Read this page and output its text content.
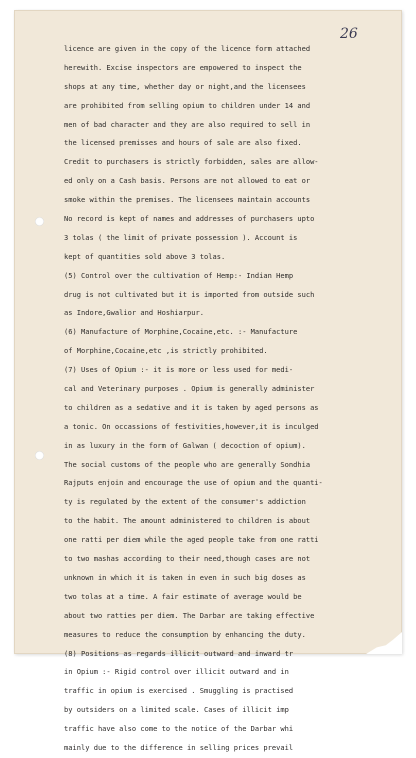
26
licence are given in the copy of the licence form attached
herewith. Excise inspectors are empowered to inspect the
shops at any time, whether day or night,and the licensees
are prohibited from selling opium to children under 14 and
men of bad character and they are also required to sell in
the licensed premisses and hours of sale are also fixed.
Credit to purchasers is strictly forbidden, sales are allow-
ed only on a Cash basis. Persons are not allowed to eat or
smoke within the premises. The licensees maintain accounts
No record is kept of names and addresses of purchasers upto
3 tolas ( the limit of private possession ). Account is
kept of quantities sold above 3 tolas.
(5) Control over the cultivation of Hemp:- Indian Hemp
drug is not cultivated but it is imported from outside such
as Indore,Gwalior and Hoshiarpur.
(6) Manufacture of Morphine,Cocaine,etc. :- Manufacture
of Morphine,Cocaine,etc ,is strictly prohibited.
(7) Uses of Opium :- it is more or less used for medi-
cal and Veterinary purposes . Opium is generally administer
to children as a sedative and it is taken by aged persons as
a tonic. On occassions of festivities,however,it is inculged
in as luxury in the form of Galwan ( decoction of opium).
The social customs of the people who are generally Sondhia
Rajputs enjoin and encourage the use of opium and the quanti-
ty is regulated by the extent of the consumer's addiction
to the habit. The amount administered to children is about
one ratti per diem while the aged people take from one ratti
to two mashas according to their need,though cases are not
unknown in which it is taken in even in such big doses as
two tolas at a time. A fair estimate of average would be
about two ratties per diem. The Darbar are taking effective
measures to reduce the consumption by enhancing the duty.
(8) Positions as regards illicit outward and inward tr
in Opium :- Rigid control over illicit outward and in
traffic in opium is exercised . Smuggling is practised
by outsiders on a limited scale. Cases of illicit imp
traffic have also come to the notice of the Darbar whi
mainly due to the difference in selling prices prevail
